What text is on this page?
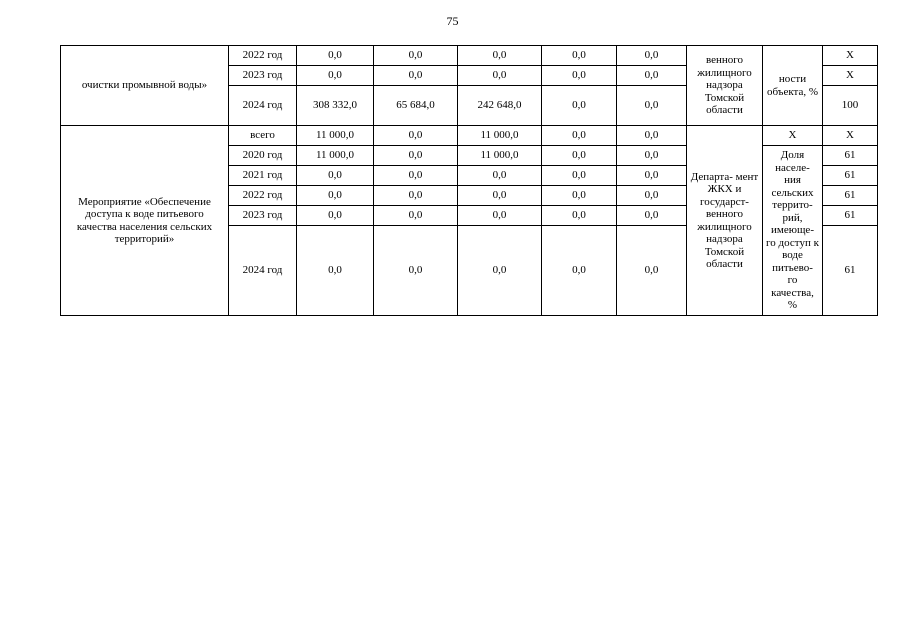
75
очистки промывной воды»	2022 год	0,0	0,0	0,0	0,0	0,0	венного жилищного надзора Томской области	ности объекта, %	Х
	2023 год	0,0	0,0	0,0	0,0	0,0			Х
	2024 год	308 332,0	65 684,0	242 648,0	0,0	0,0			100
Мероприятие «Обеспечение доступа к воде питьевого качества населения сельских территорий»	всего	11 000,0	0,0	11 000,0	0,0	0,0	Департа- мент ЖКХ и государст- венного жилищного надзора Томской области	Х	Х
	2020 год	11 000,0	0,0	11 000,0	0,0	0,0		Доля населе- ния сельских террито- рий, имеюще- го доступ к воде питьево- го качества, %	61
	2021 год	0,0	0,0	0,0	0,0	0,0			61
	2022 год	0,0	0,0	0,0	0,0	0,0			61
	2023 год	0,0	0,0	0,0	0,0	0,0			61
	2024 год	0,0	0,0	0,0	0,0	0,0			61
